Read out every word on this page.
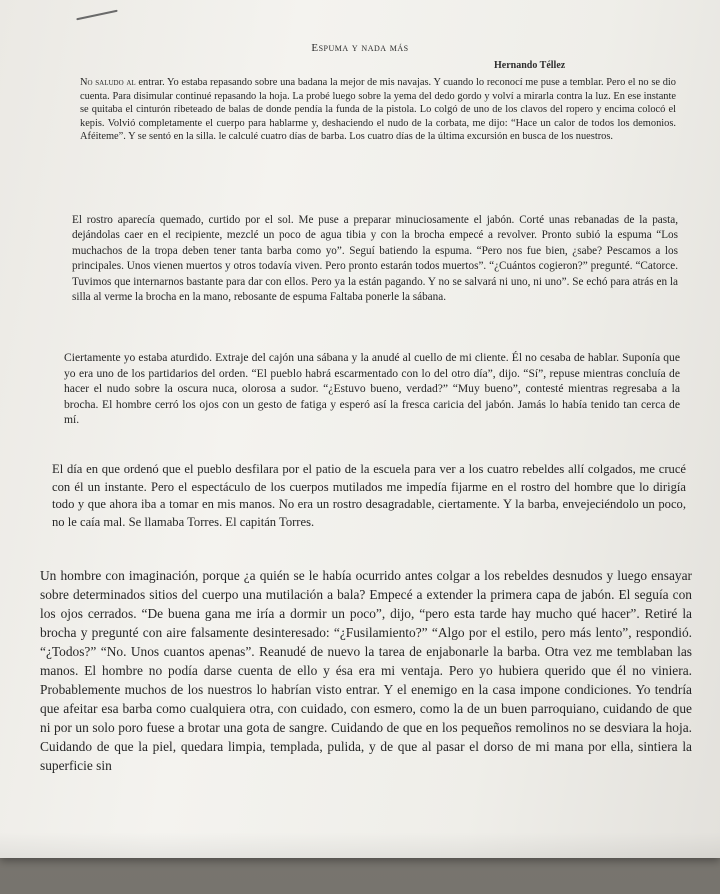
Espuma y nada más
Hernando Téllez

No saludo al entrar. Yo estaba repasando sobre una badana la mejor de mis navajas. Y cuando lo reconocí me puse a temblar. Pero el no se dio cuenta. Para disimular continué repasando la hoja. La probé luego sobre la yema del dedo gordo y volví a mirarla contra la luz. En ese instante se quitaba el cinturón ribeteado de balas de donde pendía la funda de la pistola. Lo colgó de uno de los clavos del ropero y encima colocó el kepis. Volvió completamente el cuerpo para hablarme y, deshaciendo el nudo de la corbata, me dijo: “Hace un calor de todos los demonios. Aféiteme”. Y se sentó en la silla. le calculé cuatro días de barba. Los cuatro días de la última excursión en busca de los nuestros.

El rostro aparecía quemado, curtido por el sol. Me puse a preparar minuciosamente el jabón. Corté unas rebanadas de la pasta, dejándolas caer en el recipiente, mezclé un poco de agua tibia y con la brocha empecé a revolver. Pronto subió la espuma “Los muchachos de la tropa deben tener tanta barba como yo”. Seguí batiendo la espuma. “Pero nos fue bien, ¿sabe? Pescamos a los principales. Unos vienen muertos y otros todavía viven. Pero pronto estarán todos muertos”. “¿Cuántos cogieron?” pregunté. “Catorce. Tuvimos que internarnos bastante para dar con ellos. Pero ya la están pagando. Y no se salvará ni uno, ni uno”. Se echó para atrás en la silla al verme la brocha en la mano, rebosante de espuma Faltaba ponerle la sábana.

Ciertamente yo estaba aturdido. Extraje del cajón una sábana y la anudé al cuello de mi cliente. Él no cesaba de hablar. Suponía que yo era uno de los partidarios del orden. “El pueblo habrá escarmentado con lo del otro día”, dijo. “Sí”, repuse mientras concluía de hacer el nudo sobre la oscura nuca, olorosa a sudor. “¿Estuvo bueno, verdad?” “Muy bueno”, contesté mientras regresaba a la brocha. El hombre cerró los ojos con un gesto de fatiga y esperó así la fresca caricia del jabón. Jamás lo había tenido tan cerca de mí.

El día en que ordenó que el pueblo desfilara por el patio de la escuela para ver a los cuatro rebeldes allí colgados, me crucé con él un instante. Pero el espectáculo de los cuerpos mutilados me impedía fijarme en el rostro del hombre que lo dirigía todo y que ahora iba a tomar en mis manos. No era un rostro desagradable, ciertamente. Y la barba, envejeciéndolo un poco, no le caía mal. Se llamaba Torres. El capitán Torres.

Un hombre con imaginación, porque ¿a quién se le había ocurrido antes colgar a los rebeldes desnudos y luego ensayar sobre determinados sitios del cuerpo una mutilación a bala? Empecé a extender la primera capa de jabón. El seguía con los ojos cerrados. “De buena gana me iría a dormir un poco”, dijo, “pero esta tarde hay mucho qué hacer”. Retiré la brocha y pregunté con aire falsamente desinteresado: “¿Fusilamiento?” “Algo por el estilo, pero más lento”, respondió. “¿Todos?” “No. Unos cuantos apenas”. Reanudé de nuevo la tarea de enjabonarle la barba. Otra vez me temblaban las manos. El hombre no podía darse cuenta de ello y ésa era mi ventaja. Pero yo hubiera querido que él no viniera. Probablemente muchos de los nuestros lo habrían visto entrar. Y el enemigo en la casa impone condiciones. Yo tendría que afeitar esa barba como cualquiera otra, con cuidado, con esmero, como la de un buen parroquiano, cuidando de que ni por un solo poro fuese a brotar una gota de sangre. Cuidando de que en los pequeños remolinos no se desviara la hoja. Cuidando de que la piel, quedara limpia, templada, pulida, y de que al pasar el dorso de mi mana por ella, sintiera la superficie sin
